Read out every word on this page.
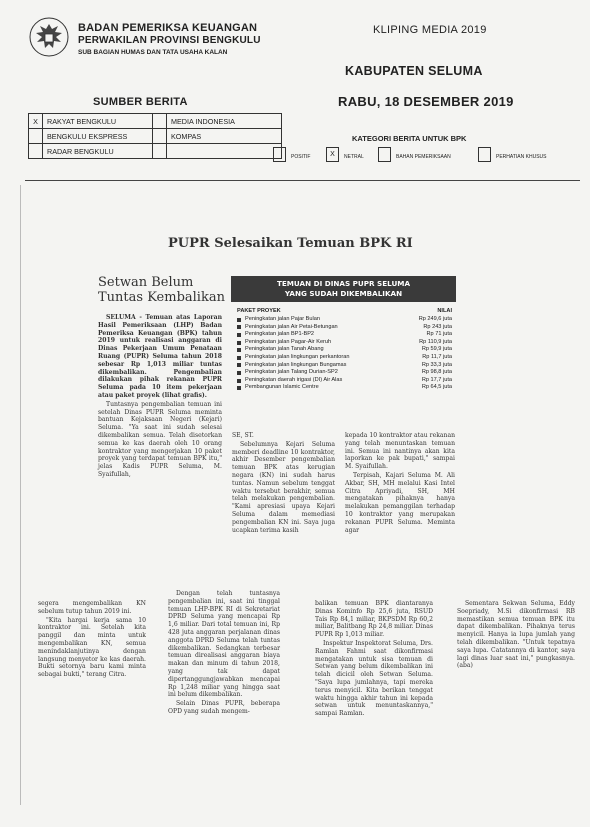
BADAN PEMERIKSA KEUANGAN
PERWAKILAN PROVINSI BENGKULU
SUB BAGIAN HUMAS DAN TATA USAHA KALAN
KLIPING MEDIA 2019
KABUPATEN SELUMA
SUMBER BERITA	RABU, 18 DESEMBER 2019
X	RAKYAT BENGKULU		MEDIA INDONESIA
	BENGKULU EKSPRESS		KOMPAS
	RADAR BENGKULU		
KATEGORI BERITA UNTUK BPK
POSITIF	X	NETRAL	BAHAN PEMERIKSAAN	PERHATIAN KHUSUS
PUPR Selesaikan Temuan BPK RI
Setwan Belum
Tuntas Kembalikan
TEMUAN DI DINAS PUPR SELUMA
YANG SUDAH DIKEMBALIKAN
PAKET PROYEK	NILAI
Peningkatan jalan Pajar Bulan	Rp 249,6 juta
Peningkatan jalan Air Petai-Betungan	Rp 243 juta
Peningkatan jalan BP1-BP2	Rp 71 juta
Peningkatan jalan Pagar-Air Keruh	Rp 110,9 juta
Peningkatan jalan Tanah Abang	Rp 59,9 juta
Peningkatan jalan lingkungan perkantoran	Rp 11,7 juta
Peningkatan jalan lingkungan Bungamas	Rp 33,3 juta
Peningkatan jalan Talang Durian-SP2	Rp 98,8 juta
Peningkatan daerah irigasi (DI) Air Alas	Rp 17,7 juta
Pembangunan Islamic Centre	Rp 64,5 juta

SELUMA - Temuan atas Laporan Hasil Pemeriksaan (LHP) Badan Pemeriksa Keuangan (BPK) tahun 2019 untuk realisasi anggaran di Dinas Pekerjaan Umum Penataan Ruang (PUPR) Seluma tahun 2018 sebesar Rp 1,013 miliar tuntas dikembalikan. Pengembalian dilakukan pihak rekanan PUPR Seluma pada 10 item pekerjaan atau paket proyek (lihat grafis).

Tuntasnya pengembalian temuan ini setelah Dinas PUPR Seluma meminta bantuan Kejaksaan Negeri (Kejari) Seluma. "Ya saat ini sudah selesai dikembalikan semua. Telah disetorkan semua ke kas daerah oleh 10 orang kontraktor yang mengerjakan 10 paket proyek yang terdapat temuan BPK itu," jelas Kadis PUPR Seluma, M. Syaifullah,

SE, ST.

Sebelumnya Kejari Seluma memberi deadline 10 kontraktor, akhir Desember pengembalian temuan BPK atas kerugian negara (KN) ini sudah harus tuntas. Namun sebelum tenggat waktu tersebut berakhir, semua telah melakukan pengembalian. "Kami apresiasi upaya Kejari Seluma dalam memediasi pengembalian KN ini. Saya juga ucapkan terima kasih

kepada 10 kontraktor atau rekanan yang telah menuntaskan temuan ini. Semua ini nantinya akan kita laporkan ke pak bupati," sampai M. Syaifullah.

Terpisah, Kajari Seluma M. Ali Akbar, SH, MH melalui Kasi Intel Citra Apriyadi, SH, MH mengatakan pihaknya hanya melakukan pemanggilan terhadap 10 kontraktor yang merupakan rekanan PUPR Seluma. Meminta agar

segera mengembalikan KN sebelum tutup tahun 2019 ini.

"Kita hargai kerja sama 10 kontraktor ini. Setelah kita panggil dan minta untuk mengembalikan KN, semua menindaklanjutinya dengan langsung menyetor ke kas daerah. Bukti setornya baru kami minta sebagai bukti," terang Citra.

Dengan telah tuntasnya pengembalian ini, saat ini tinggal temuan LHP-BPK RI di Sekretariat DPRD Seluma yang mencapai Rp 1,6 miliar. Dari total temuan ini, Rp 428 juta anggaran perjalanan dinas anggota DPRD Seluma telah tuntas dikembalikan. Sedangkan terbesar temuan direalisasi anggaran biaya makan dan minum di tahun 2018, yang tak dapat dipertanggungjawabkan mencapai Rp 1,248 miliar yang hingga saat ini belum dikembalikan.

Selain Dinas PUPR, beberapa OPD yang sudah mengem-

balikan temuan BPK diantaranya Dinas Kominfo Rp 25,6 juta, RSUD Tais Rp 84,1 miliar, BKPSDM Rp 60,2 miliar, Balitbang Rp 24,8 miliar. Dinas PUPR Rp 1,013 miliar.

Inspektur Inspektorat Seluma, Drs. Ramlan Fahmi saat dikonfirmasi mengatakan untuk sisa temuan di Setwan yang belum dikembalikan ini telah dicicil oleh Setwan Seluma. "Saya lupa jumlahnya, tapi mereka terus menyicil. Kita berikan tenggat waktu hingga akhir tahun ini kepada setwan untuk menuntaskannya," sampai Ramlan.

Sementara Sekwan Seluma, Eddy Soepriady, M.Si dikonfirmasi RB memastikan semua temuan BPK itu dapat dikembalikan. Pihaknya terus menyicil. Hanya ia lupa jumlah yang telah dikembalikan. "Untuk tepatnya saya lupa. Catatannya di kantor, saya lagi dinas luar saat ini," pungkasnya.(aba)
